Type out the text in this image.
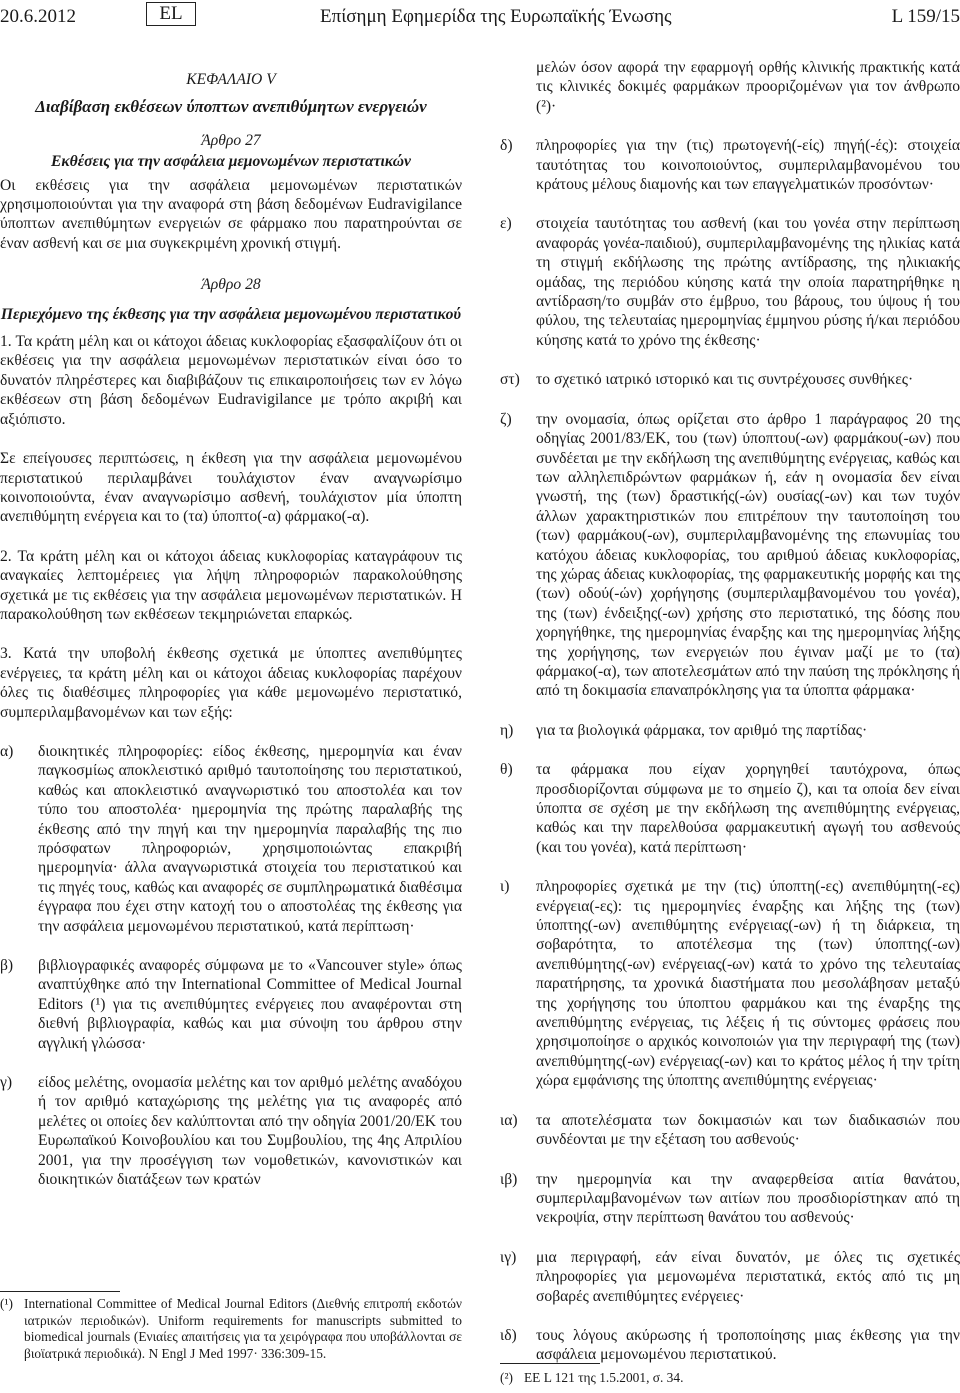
20.6.2012	EL	Επίσημη Εφημερίδα της Ευρωπαϊκής Ένωσης	L 159/15

ΚΕΦΑΛΑΙΟ V

Διαβίβαση εκθέσεων ύποπτων ανεπιθύμητων ενεργειών

Άρθρο 27

Εκθέσεις για την ασφάλεια μεμονωμένων περιστατικών

Οι εκθέσεις για την ασφάλεια μεμονωμένων περιστατικών χρησιμοποιούνται για την αναφορά στη βάση δεδομένων Eudravigilance ύποπτων ανεπιθύμητων ενεργειών σε φάρμακο που παρατηρούνται σε έναν ασθενή και σε μια συγκεκριμένη χρονική στιγμή.

Άρθρο 28

Περιεχόμενο της έκθεσης για την ασφάλεια μεμονωμένου περιστατικού

1. Τα κράτη μέλη και οι κάτοχοι άδειας κυκλοφορίας εξασφαλίζουν ότι οι εκθέσεις για την ασφάλεια μεμονωμένων περιστατικών είναι όσο το δυνατόν πληρέστερες και διαβιβάζουν τις επικαιροποιήσεις των εν λόγω εκθέσεων στη βάση δεδομένων Eudravigilance με τρόπο ακριβή και αξιόπιστο.

Σε επείγουσες περιπτώσεις, η έκθεση για την ασφάλεια μεμονωμένου περιστατικού περιλαμβάνει τουλάχιστον έναν αναγνωρίσιμο κοινοποιούντα, έναν αναγνωρίσιμο ασθενή, τουλάχιστον μία ύποπτη ανεπιθύμητη ενέργεια και το (τα) ύποπτο(-α) φάρμακο(-α).

2. Τα κράτη μέλη και οι κάτοχοι άδειας κυκλοφορίας καταγράφουν τις αναγκαίες λεπτομέρειες για λήψη πληροφοριών παρακολούθησης σχετικά με τις εκθέσεις για την ασφάλεια μεμονωμένων περιστατικών. Η παρακολούθηση των εκθέσεων τεκμηριώνεται επαρκώς.

3. Κατά την υποβολή έκθεσης σχετικά με ύποπτες ανεπιθύμητες ενέργειες, τα κράτη μέλη και οι κάτοχοι άδειας κυκλοφορίας παρέχουν όλες τις διαθέσιμες πληροφορίες για κάθε μεμονωμένο περιστατικό, συμπεριλαμβανομένων και των εξής:

α)	διοικητικές πληροφορίες: είδος έκθεσης, ημερομηνία και έναν παγκοσμίως αποκλειστικό αριθμό ταυτοποίησης του περιστατικού, καθώς και αποκλειστικό αναγνωριστικό του αποστολέα και τον τύπο του αποστολέα· ημερομηνία της πρώτης παραλαβής της έκθεσης από την πηγή και την ημερομηνία παραλαβής της πιο πρόσφατων πληροφοριών, χρησιμοποιώντας επακριβή ημερομηνία· άλλα αναγνωριστικά στοιχεία του περιστατικού και τις πηγές τους, καθώς και αναφορές σε συμπληρωματικά διαθέσιμα έγγραφα που έχει στην κατοχή του ο αποστολέας της έκθεσης για την ασφάλεια μεμονωμένου περιστατικού, κατά περίπτωση·
β)	βιβλιογραφικές αναφορές σύμφωνα με το «Vancouver style» όπως αναπτύχθηκε από την International Committee of Medical Journal Editors (¹) για τις ανεπιθύμητες ενέργειες που αναφέρονται στη διεθνή βιβλιογραφία, καθώς και μια σύνοψη του άρθρου στην αγγλική γλώσσα·
γ)	είδος μελέτης, ονομασία μελέτης και τον αριθμό μελέτης αναδόχου ή τον αριθμό καταχώρισης της μελέτης για τις αναφορές από μελέτες οι οποίες δεν καλύπτονται από την οδηγία 2001/20/ΕΚ του Ευρωπαϊκού Κοινοβουλίου και του Συμβουλίου, της 4ης Απριλίου 2001, για την προσέγγιση των νομοθετικών, κανονιστικών και διοικητικών διατάξεων των κρατών
(¹) International Committee of Medical Journal Editors (Διεθνής επιτροπή εκδοτών ιατρικών περιοδικών). Uniform requirements for manuscripts submitted to biomedical journals (Ενιαίες απαιτήσεις για τα χειρόγραφα που υποβάλλονται σε βιοϊατρικά περιοδικά). N Engl J Med 1997· 336:309-15.

μελών όσον αφορά την εφαρμογή ορθής κλινικής πρακτικής κατά τις κλινικές δοκιμές φαρμάκων προοριζομένων για τον άνθρωπο (²)·

δ)	πληροφορίες για την (τις) πρωτογενή(-είς) πηγή(-ές): στοιχεία ταυτότητας του κοινοποιούντος, συμπεριλαμβανομένου του κράτους μέλους διαμονής και των επαγγελματικών προσόντων·
ε)	στοιχεία ταυτότητας του ασθενή (και του γονέα στην περίπτωση αναφοράς γονέα-παιδιού), συμπεριλαμβανομένης της ηλικίας κατά τη στιγμή εκδήλωσης της πρώτης αντίδρασης, της ηλικιακής ομάδας, της περιόδου κύησης κατά την οποία παρατηρήθηκε η αντίδραση/το συμβάν στο έμβρυο, του βάρους, του ύψους ή του φύλου, της τελευταίας ημερομηνίας έμμηνου ρύσης ή/και περιόδου κύησης κατά το χρόνο της έκθεσης·
στ)	το σχετικό ιατρικό ιστορικό και τις συντρέχουσες συνθήκες·
ζ)	την ονομασία, όπως ορίζεται στο άρθρο 1 παράγραφος 20 της οδηγίας 2001/83/ΕΚ, του (των) ύποπτου(-ων) φαρμάκου(-ων) που συνδέεται με την εκδήλωση της ανεπιθύμητης ενέργειας, καθώς και των αλληλεπιδρώντων φαρμάκων ή, εάν η ονομασία δεν είναι γνωστή, της (των) δραστικής(-ών) ουσίας(-ων) και των τυχόν άλλων χαρακτηριστικών που επιτρέπουν την ταυτοποίηση του (των) φαρμάκου(-ων), συμπεριλαμβανομένης της επωνυμίας του κατόχου άδειας κυκλοφορίας, του αριθμού άδειας κυκλοφορίας, της χώρας άδειας κυκλοφορίας, της φαρμακευτικής μορφής και της (των) οδού(-ών) χορήγησης (συμπεριλαμβανομένου του γονέα), της (των) ένδειξης(-ων) χρήσης στο περιστατικό, της δόσης που χορηγήθηκε, της ημερομηνίας έναρξης και της ημερομηνίας λήξης της χορήγησης, των ενεργειών που έγιναν μαζί με το (τα) φάρμακο(-α), των αποτελεσμάτων από την παύση της πρόκλησης ή από τη δοκιμασία επαναπρόκλησης για τα ύποπτα φάρμακα·
η)	για τα βιολογικά φάρμακα, τον αριθμό της παρτίδας·
θ)	τα φάρμακα που είχαν χορηγηθεί ταυτόχρονα, όπως προσδιορίζονται σύμφωνα με το σημείο ζ), και τα οποία δεν είναι ύποπτα σε σχέση με την εκδήλωση της ανεπιθύμητης ενέργειας, καθώς και την παρελθούσα φαρμακευτική αγωγή του ασθενούς (και του γονέα), κατά περίπτωση·
ι)	πληροφορίες σχετικά με την (τις) ύποπτη(-ες) ανεπιθύμητη(-ες) ενέργεια(-ες): τις ημερομηνίες έναρξης και λήξης της (των) ύποπτης(-ων) ανεπιθύμητης ενέργειας(-ων) ή τη διάρκεια, τη σοβαρότητα, το αποτέλεσμα της (των) ύποπτης(-ων) ανεπιθύμητης(-ων) ενέργειας(-ων) κατά το χρόνο της τελευταίας παρατήρησης, τα χρονικά διαστήματα που μεσολάβησαν μεταξύ της χορήγησης του ύποπτου φαρμάκου και της έναρξης της ανεπιθύμητης ενέργειας, τις λέξεις ή τις σύντομες φράσεις που χρησιμοποίησε ο αρχικός κοινοποιών για την περιγραφή της (των) ανεπιθύμητης(-ων) ενέργειας(-ων) και το κράτος μέλος ή την τρίτη χώρα εμφάνισης της ύποπτης ανεπιθύμητης ενέργειας·
ια)	τα αποτελέσματα των δοκιμασιών και των διαδικασιών που συνδέονται με την εξέταση του ασθενούς·
ιβ)	την ημερομηνία και την αναφερθείσα αιτία θανάτου, συμπεριλαμβανομένων των αιτίων που προσδιορίστηκαν από τη νεκροψία, στην περίπτωση θανάτου του ασθενούς·
ιγ)	μια περιγραφή, εάν είναι δυνατόν, με όλες τις σχετικές πληροφορίες για μεμονωμένα περιστατικά, εκτός από τις μη σοβαρές ανεπιθύμητες ενέργειες·
ιδ)	τους λόγους ακύρωσης ή τροποποίησης μιας έκθεσης για την ασφάλεια μεμονωμένου περιστατικού.
(²) ΕΕ L 121 της 1.5.2001, σ. 34.
